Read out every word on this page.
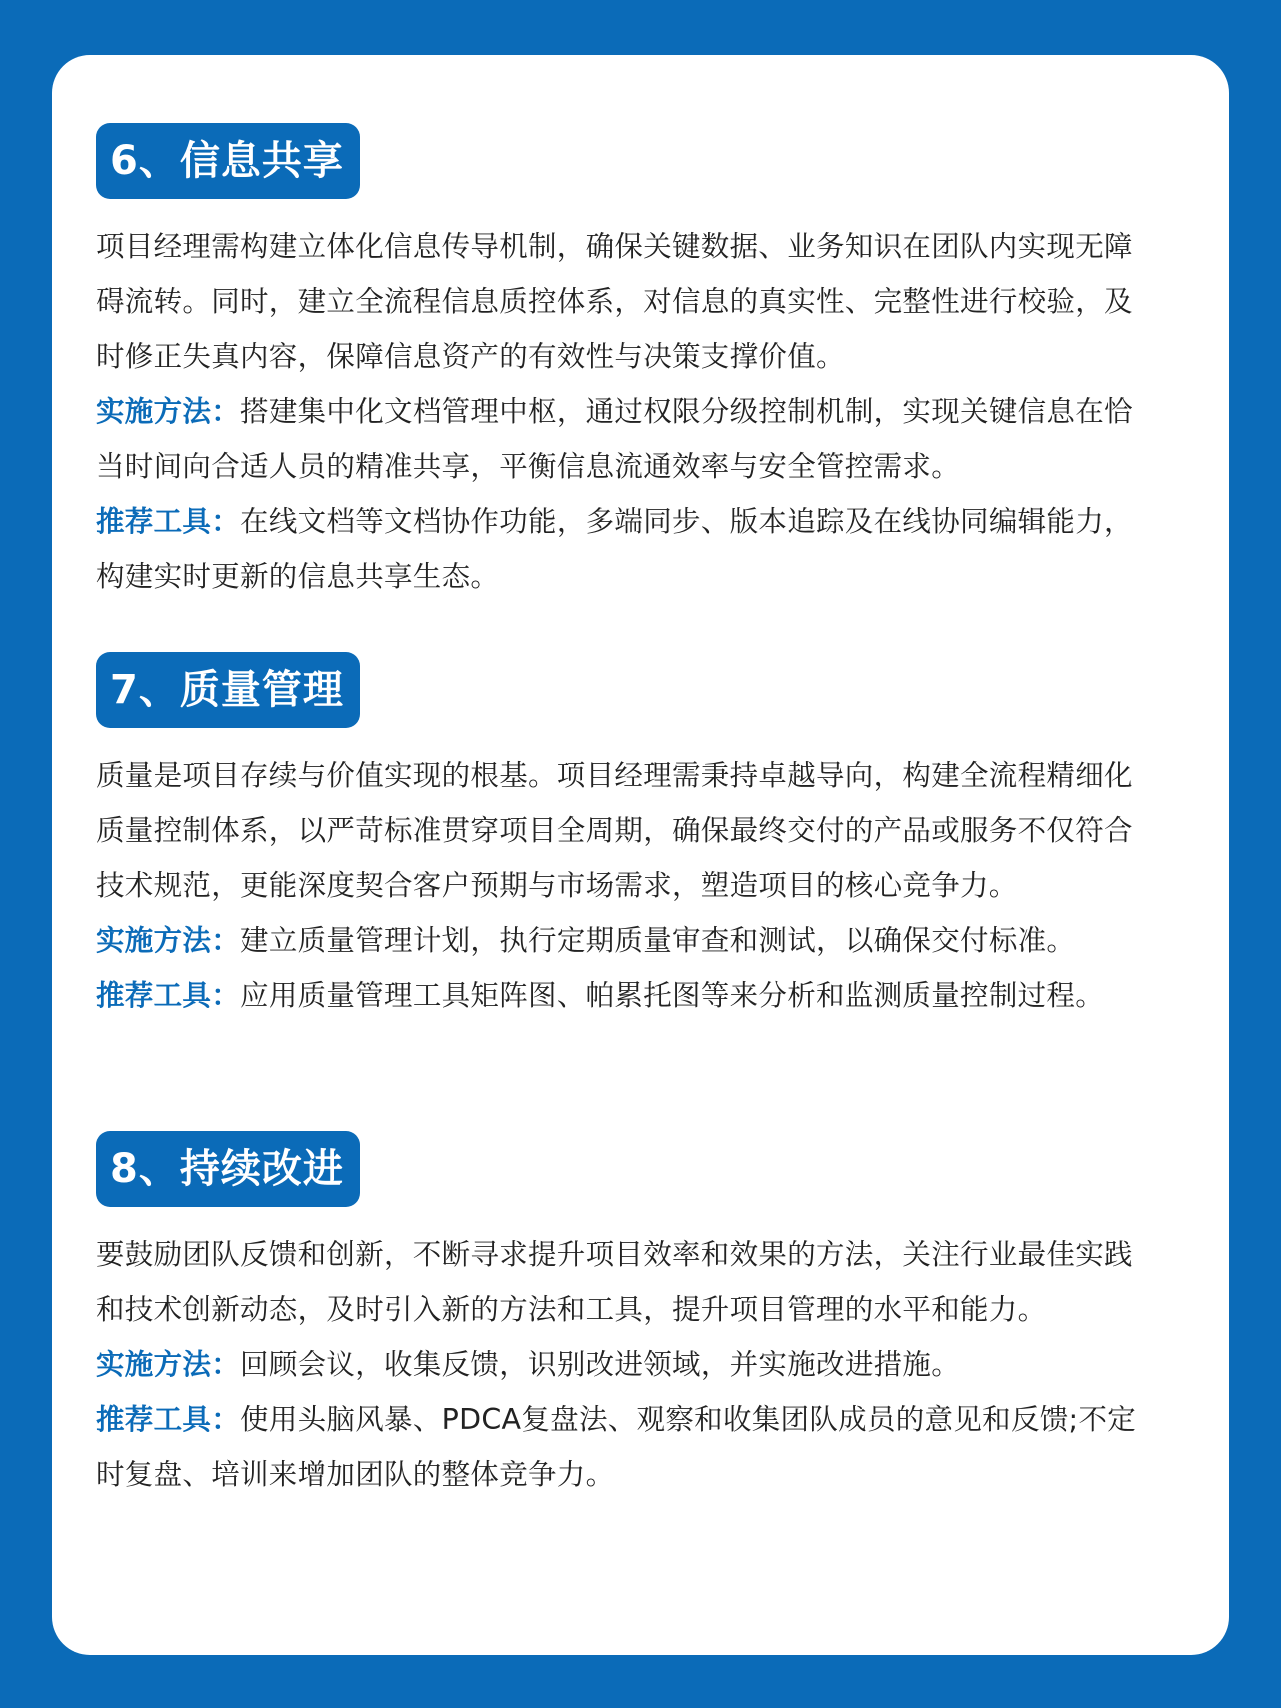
6、信息共享

项目经理需构建立体化信息传导机制，确保关键数据、业务知识在团队内实现无障
碍流转。同时，建立全流程信息质控体系，对信息的真实性、完整性进行校验，及
时修正失真内容，保障信息资产的有效性与决策支撑价值。

实施方法：搭建集中化文档管理中枢，通过权限分级控制机制，实现关键信息在恰
当时间向合适人员的精准共享，平衡信息流通效率与安全管控需求。

推荐工具：在线文档等文档协作功能，多端同步、版本追踪及在线协同编辑能力，
构建实时更新的信息共享生态。

7、质量管理

质量是项目存续与价值实现的根基。项目经理需秉持卓越导向，构建全流程精细化
质量控制体系，以严苛标准贯穿项目全周期，确保最终交付的产品或服务不仅符合
技术规范，更能深度契合客户预期与市场需求，塑造项目的核心竞争力。

实施方法：建立质量管理计划，执行定期质量审查和测试，以确保交付标准。

推荐工具：应用质量管理工具矩阵图、帕累托图等来分析和监测质量控制过程。

8、持续改进

要鼓励团队反馈和创新，不断寻求提升项目效率和效果的方法，关注行业最佳实践
和技术创新动态，及时引入新的方法和工具，提升项目管理的水平和能力。

实施方法：回顾会议，收集反馈，识别改进领域，并实施改进措施。

推荐工具：使用头脑风暴、PDCA复盘法、观察和收集团队成员的意见和反馈;不定
时复盘、培训来增加团队的整体竞争力。
